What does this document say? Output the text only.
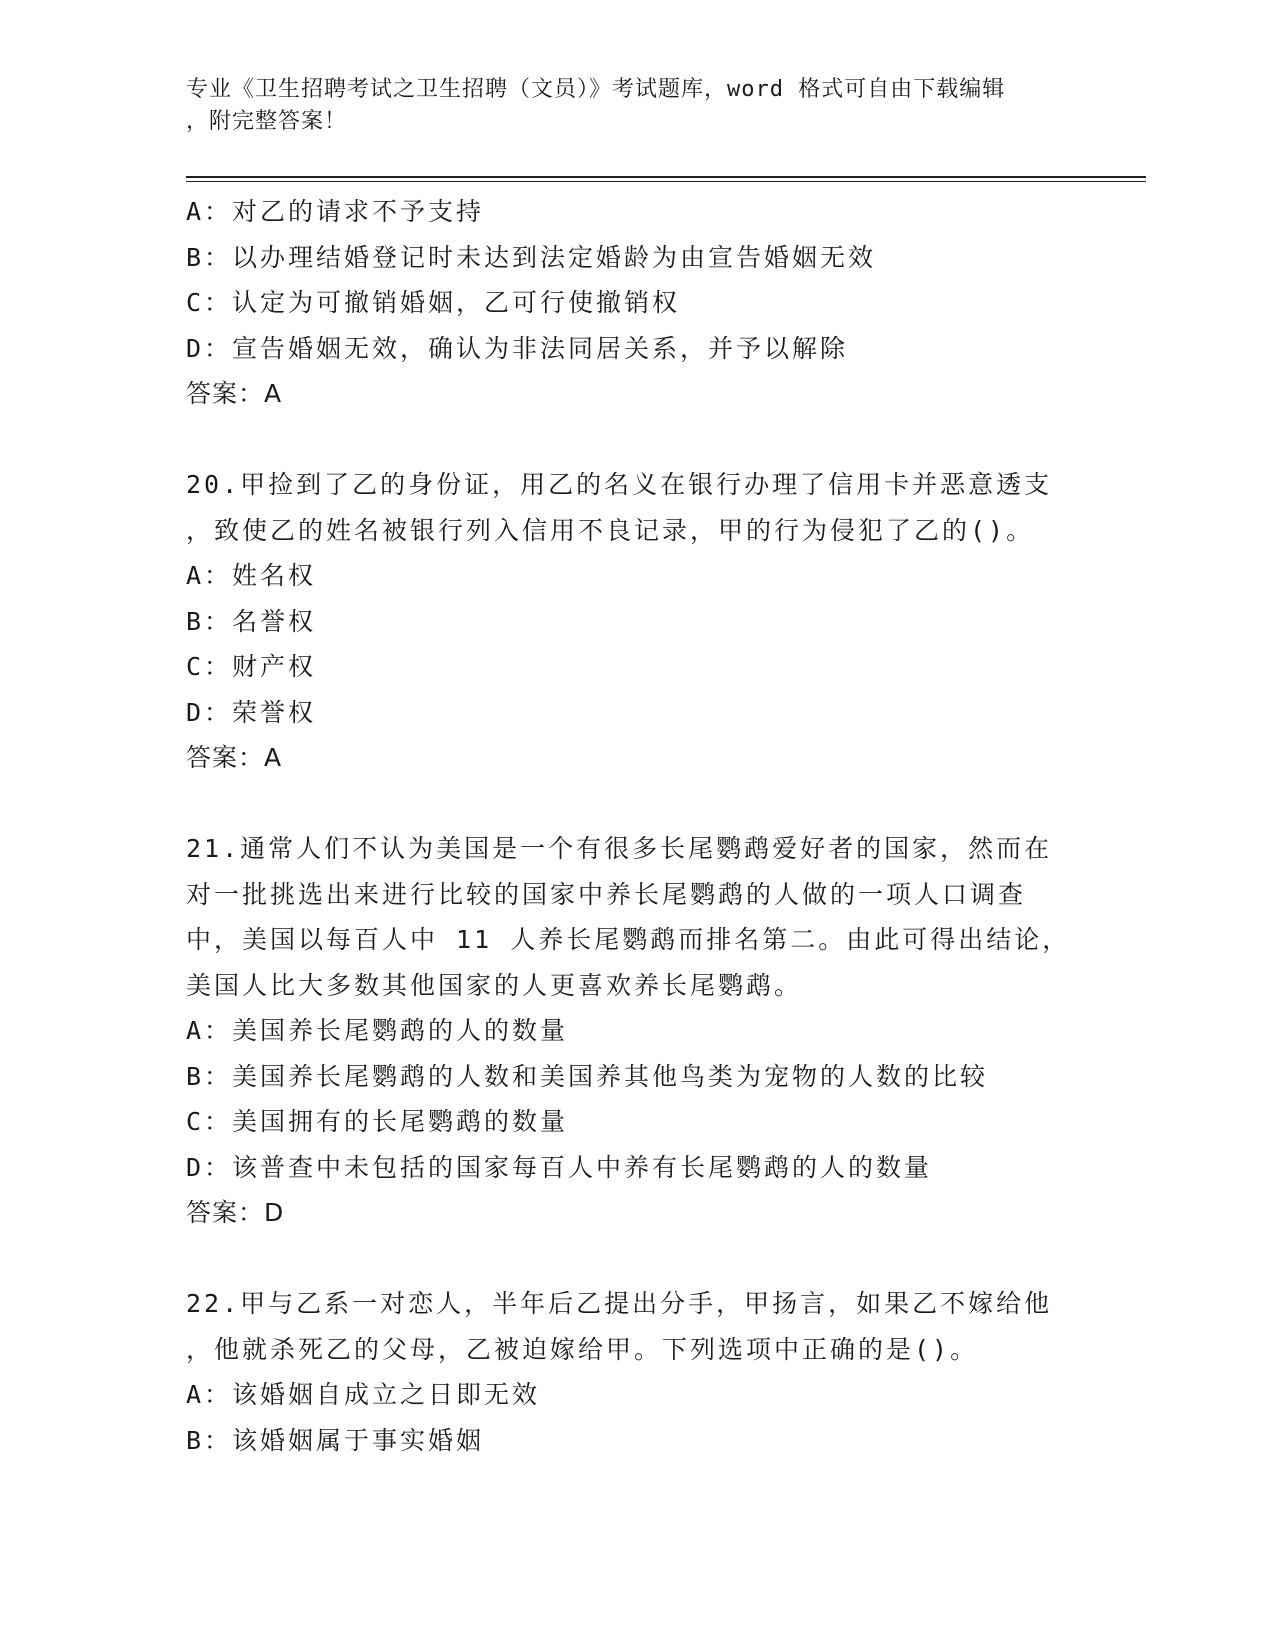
专业《卫生招聘考试之卫生招聘（文员）》考试题库，word 格式可自由下载编辑
，附完整答案！
A：对乙的请求不予支持
B：以办理结婚登记时未达到法定婚龄为由宣告婚姻无效
C：认定为可撤销婚姻，乙可行使撤销权
D：宣告婚姻无效，确认为非法同居关系，并予以解除
答案：A
20.甲捡到了乙的身份证，用乙的名义在银行办理了信用卡并恶意透支
，致使乙的姓名被银行列入信用不良记录，甲的行为侵犯了乙的()。
A：姓名权
B：名誉权
C：财产权
D：荣誉权
答案：A
21.通常人们不认为美国是一个有很多长尾鹦鹉爱好者的国家，然而在
对一批挑选出来进行比较的国家中养长尾鹦鹉的人做的一项人口调查
中，美国以每百人中 11 人养长尾鹦鹉而排名第二。由此可得出结论，
美国人比大多数其他国家的人更喜欢养长尾鹦鹉。
A：美国养长尾鹦鹉的人的数量
B：美国养长尾鹦鹉的人数和美国养其他鸟类为宠物的人数的比较
C：美国拥有的长尾鹦鹉的数量
D：该普查中未包括的国家每百人中养有长尾鹦鹉的人的数量
答案：D
22.甲与乙系一对恋人，半年后乙提出分手，甲扬言，如果乙不嫁给他
，他就杀死乙的父母，乙被迫嫁给甲。下列选项中正确的是()。
A：该婚姻自成立之日即无效
B：该婚姻属于事实婚姻
